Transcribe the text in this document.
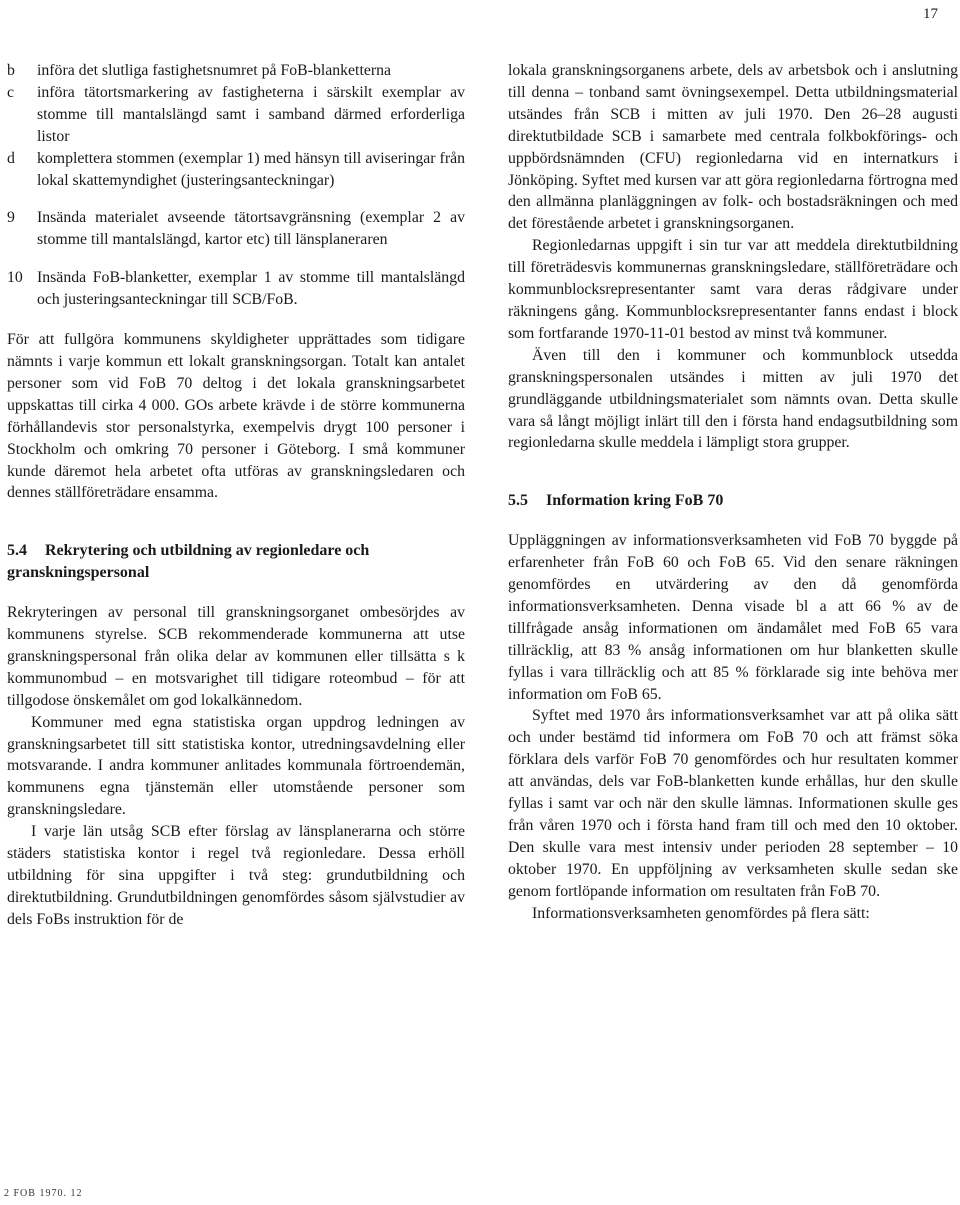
17
b	införa det slutliga fastighetsnumret på FoB-blanketterna
c	införa tätortsmarkering av fastigheterna i särskilt exemplar av stomme till mantalslängd samt i samband därmed erforderliga listor
d	komplettera stommen (exemplar 1) med hänsyn till aviseringar från lokal skattemyndighet (justeringsanteckningar)
9	Insända materialet avseende tätortsavgränsning (exemplar 2 av stomme till mantalslängd, kartor etc) till länsplaneraren
10 Insända FoB-blanketter, exemplar 1 av stomme till mantalslängd och justeringsanteckningar till SCB/FoB.

För att fullgöra kommunens skyldigheter upprättades som tidigare nämnts i varje kommun ett lokalt granskningsorgan. Totalt kan antalet personer som vid FoB 70 deltog i det lokala granskningsarbetet uppskattas till cirka 4 000. GOs arbete krävde i de större kommunerna förhållandevis stor personalstyrka, exempelvis drygt 100 personer i Stockholm och omkring 70 personer i Göteborg. I små kommuner kunde däremot hela arbetet ofta utföras av granskningsledaren och dennes ställföreträdare ensamma.

5.4 Rekrytering och utbildning av regionledare och granskningspersonal

Rekryteringen av personal till granskningsorganet ombesörjdes av kommunens styrelse. SCB rekommenderade kommunerna att utse granskningspersonal från olika delar av kommunen eller tillsätta s k kommunombud – en motsvarighet till tidigare roteombud – för att tillgodose önskemålet om god lokalkännedom.

Kommuner med egna statistiska organ uppdrog ledningen av granskningsarbetet till sitt statistiska kontor, utredningsavdelning eller motsvarande. I andra kommuner anlitades kommunala förtroendemän, kommunens egna tjänstemän eller utomstående personer som granskningsledare.

I varje län utsåg SCB efter förslag av länsplanerarna och större städers statistiska kontor i regel två regionledare. Dessa erhöll utbildning för sina uppgifter i två steg: grundutbildning och direktutbildning. Grundutbildningen genomfördes såsom självstudier av dels FoBs instruktion för de

lokala granskningsorganens arbete, dels av arbetsbok och i anslutning till denna – tonband samt övningsexempel. Detta utbildningsmaterial utsändes från SCB i mitten av juli 1970. Den 26–28 augusti direktutbildade SCB i samarbete med centrala folkbokförings- och uppbördsnämnden (CFU) regionledarna vid en internatkurs i Jönköping. Syftet med kursen var att göra regionledarna förtrogna med den allmänna planläggningen av folk- och bostadsräkningen och med det förestående arbetet i granskningsorganen.

Regionledarnas uppgift i sin tur var att meddela direktutbildning till företrädesvis kommunernas granskningsledare, ställföreträdare och kommunblocksrepresentanter samt vara deras rådgivare under räkningens gång. Kommunblocksrepresentanter fanns endast i block som fortfarande 1970-11-01 bestod av minst två kommuner.

Även till den i kommuner och kommunblock utsedda granskningspersonalen utsändes i mitten av juli 1970 det grundläggande utbildningsmaterialet som nämnts ovan. Detta skulle vara så långt möjligt inlärt till den i första hand endagsutbildning som regionledarna skulle meddela i lämpligt stora grupper.

5.5 Information kring FoB 70

Uppläggningen av informationsverksamheten vid FoB 70 byggde på erfarenheter från FoB 60 och FoB 65. Vid den senare räkningen genomfördes en utvärdering av den då genomförda informationsverksamheten. Denna visade bl a att 66 % av de tillfrågade ansåg informationen om ändamålet med FoB 65 vara tillräcklig, att 83 % ansåg informationen om hur blanketten skulle fyllas i vara tillräcklig och att 85 % förklarade sig inte behöva mer information om FoB 65.

Syftet med 1970 års informationsverksamhet var att på olika sätt och under bestämd tid informera om FoB 70 och att främst söka förklara dels varför FoB 70 genomfördes och hur resultaten kommer att användas, dels var FoB-blanketten kunde erhållas, hur den skulle fyllas i samt var och när den skulle lämnas. Informationen skulle ges från våren 1970 och i första hand fram till och med den 10 oktober. Den skulle vara mest intensiv under perioden 28 september – 10 oktober 1970. En uppföljning av verksamheten skulle sedan ske genom fortlöpande information om resultaten från FoB 70.

Informationsverksamheten genomfördes på flera sätt:

2 FOB 1970. 12
